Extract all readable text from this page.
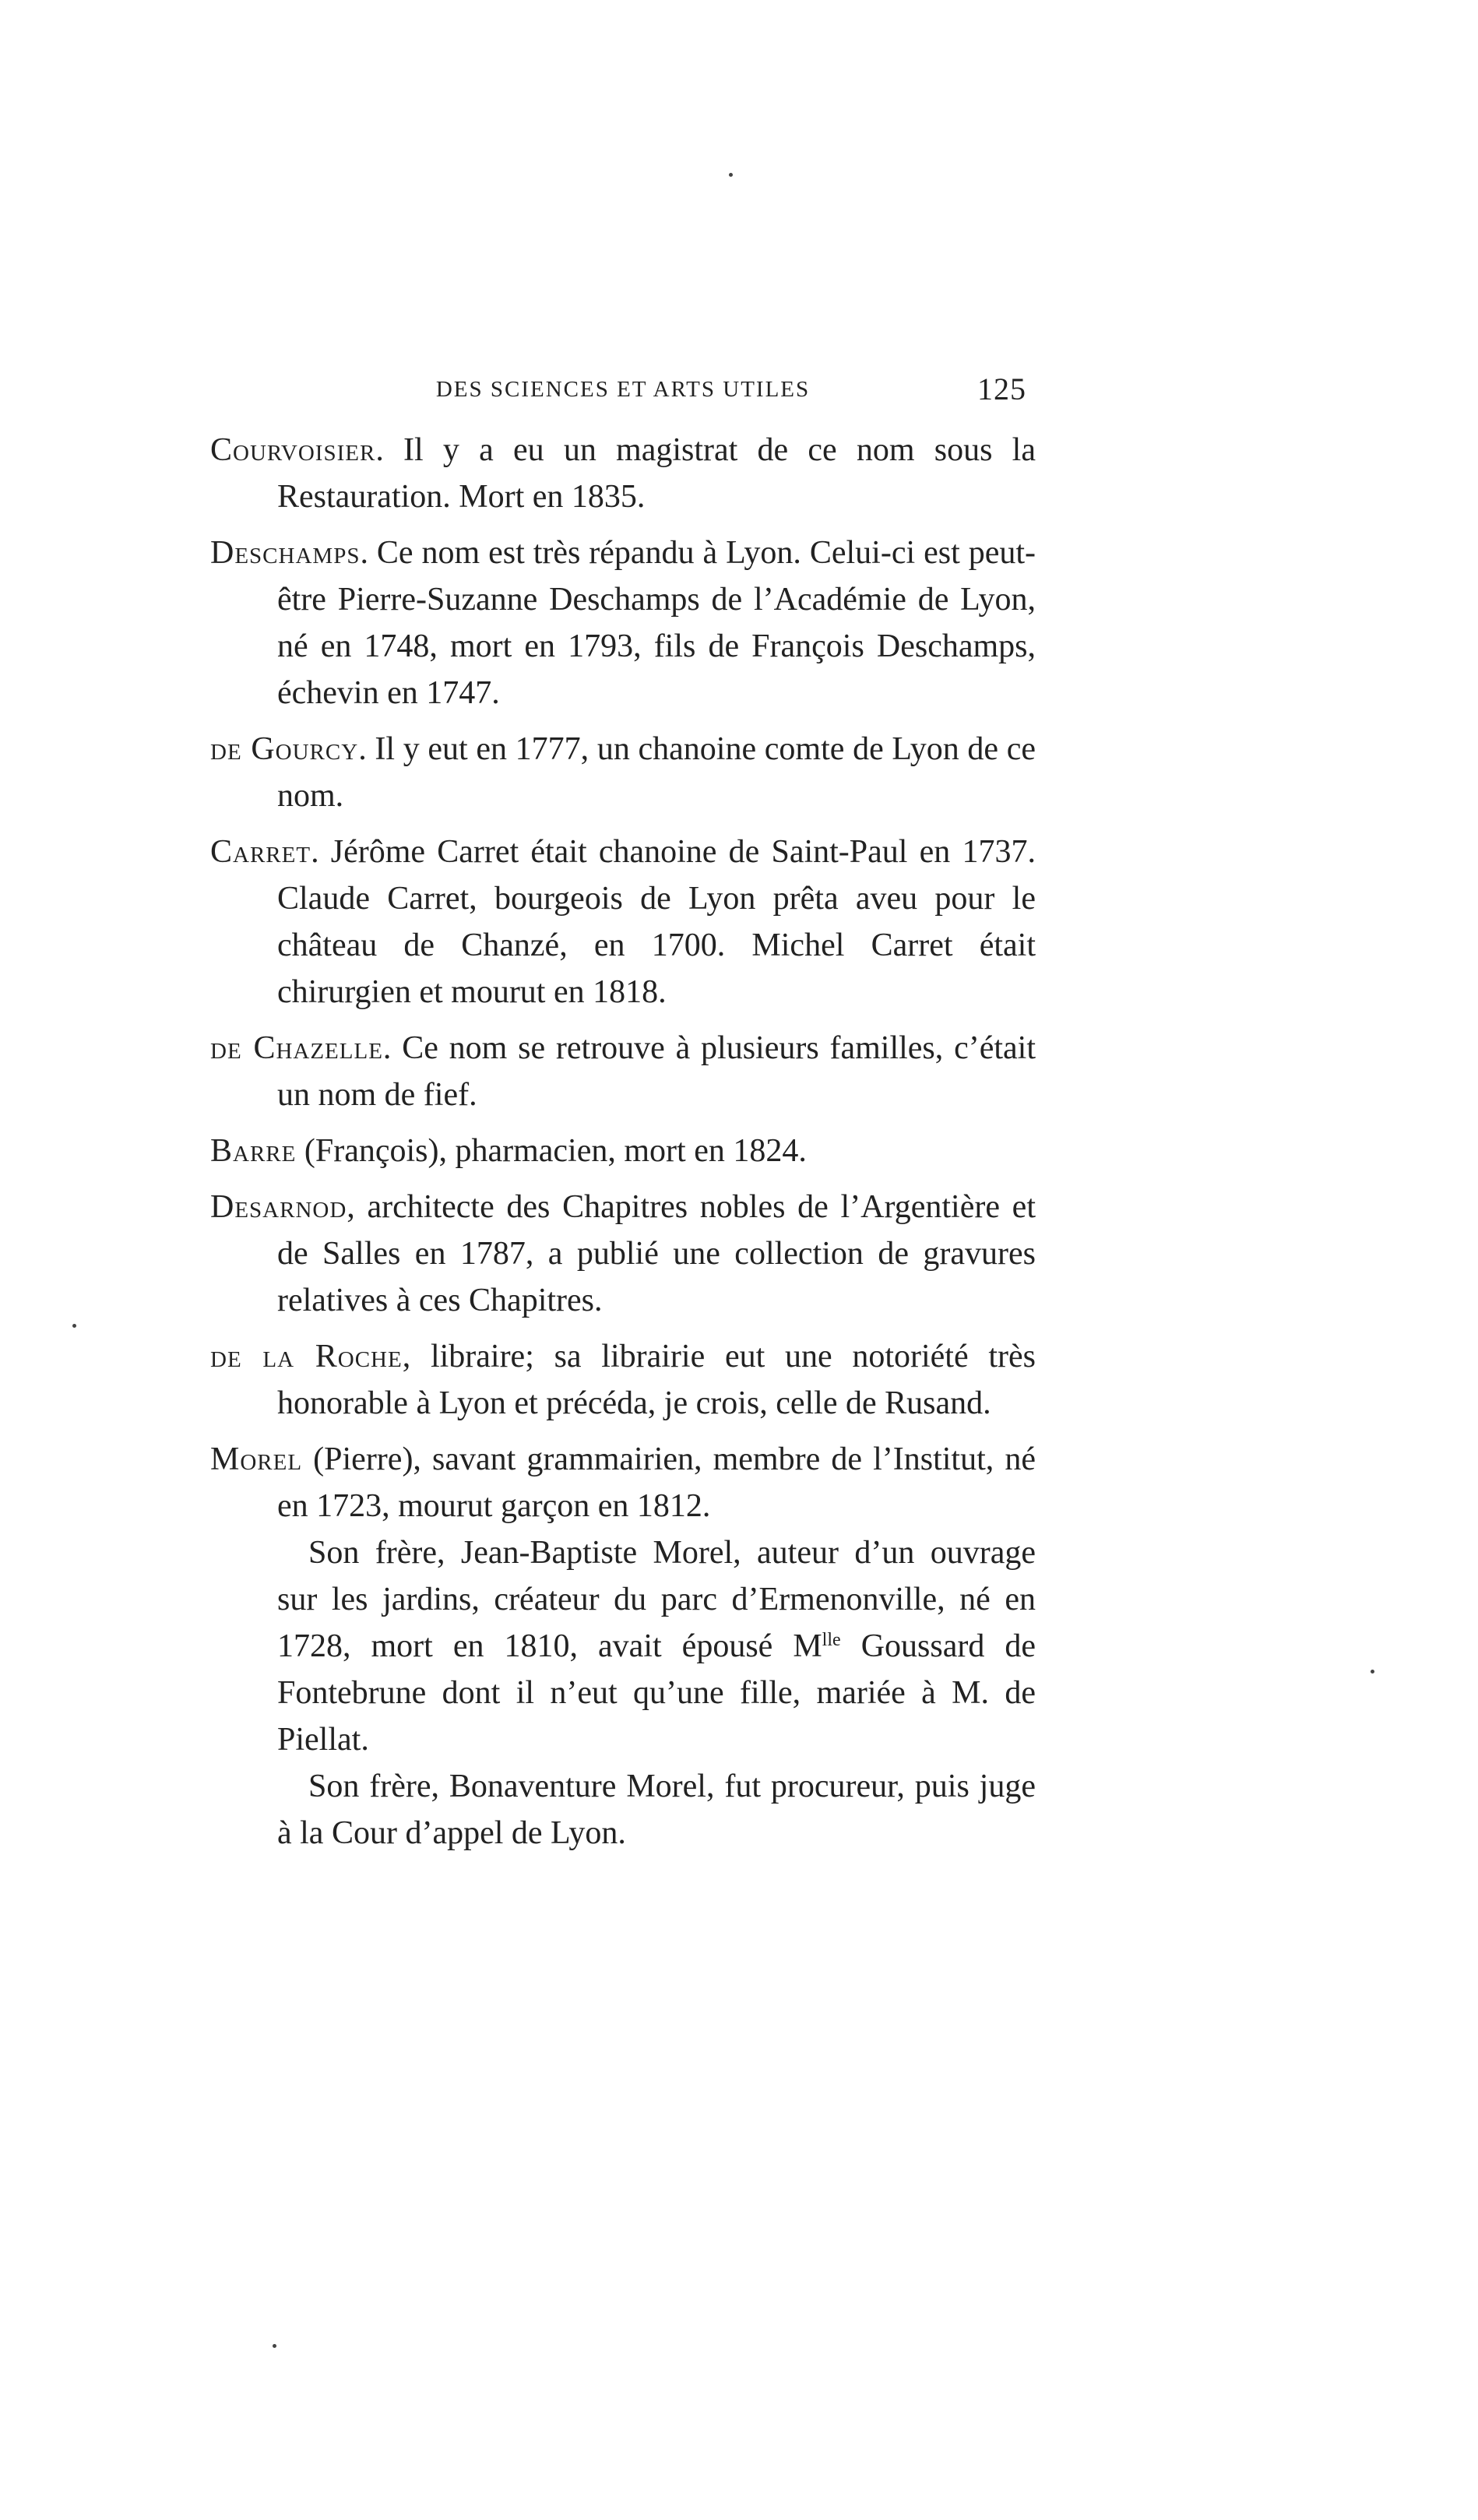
DES SCIENCES ET ARTS UTILES	125

Courvoisier. Il y a eu un magistrat de ce nom sous la Restauration. Mort en 1835.

Deschamps. Ce nom est très répandu à Lyon. Celui-ci est peut-être Pierre-Suzanne Deschamps de l’Académie de Lyon, né en 1748, mort en 1793, fils de François Deschamps, échevin en 1747.

de Gourcy. Il y eut en 1777, un chanoine comte de Lyon de ce nom.

Carret. Jérôme Carret était chanoine de Saint-Paul en 1737. Claude Carret, bourgeois de Lyon prêta aveu pour le château de Chanzé, en 1700. Michel Carret était chirurgien et mourut en 1818.

de Chazelle. Ce nom se retrouve à plusieurs familles, c’était un nom de fief.

Barre (François), pharmacien, mort en 1824.

Desarnod, architecte des Chapitres nobles de l’Argentière et de Salles en 1787, a publié une collection de gravures relatives à ces Chapitres.

de la Roche, libraire; sa librairie eut une notoriété très honorable à Lyon et précéda, je crois, celle de Rusand.

Morel (Pierre), savant grammairien, membre de l’Institut, né en 1723, mourut garçon en 1812.

Son frère, Jean-Baptiste Morel, auteur d’un ouvrage sur les jardins, créateur du parc d’Ermenonville, né en 1728, mort en 1810, avait épousé $M^{lle}$ Goussard de Fontebrune dont il n’eut qu’une fille, mariée à M. de Piellat.

Son frère, Bonaventure Morel, fut procureur, puis juge à la Cour d’appel de Lyon.
